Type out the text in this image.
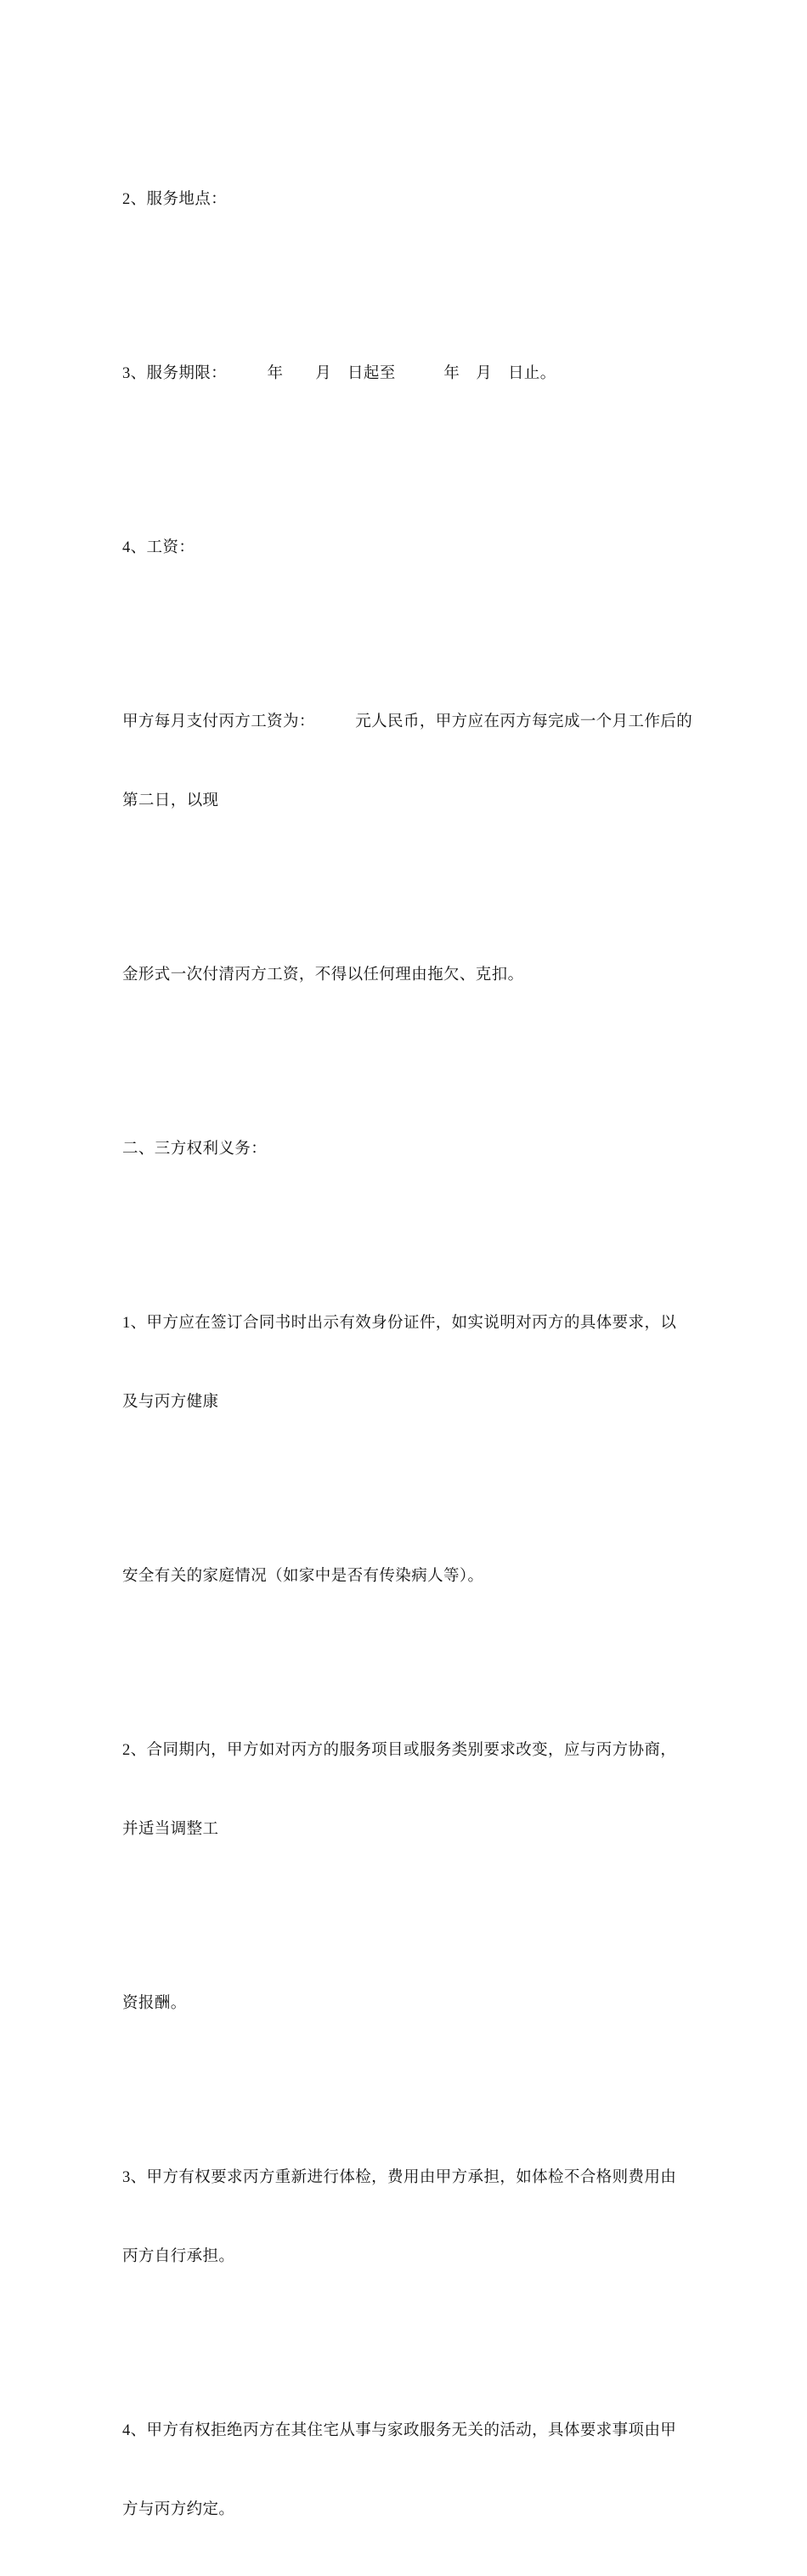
2、服务地点：

3、服务期限：　　　年　　月　日起至　　　年　月　日止。

4、工资：

甲方每月支付丙方工资为：　　　元人民币，甲方应在丙方每完成一个月工作后的

第二日，以现

金形式一次付清丙方工资，不得以任何理由拖欠、克扣。

二、三方权利义务：

1、甲方应在签订合同书时出示有效身份证件，如实说明对丙方的具体要求，以

及与丙方健康

安全有关的家庭情况（如家中是否有传染病人等）。

2、合同期内，甲方如对丙方的服务项目或服务类别要求改变，应与丙方协商，

并适当调整工

资报酬。

3、甲方有权要求丙方重新进行体检，费用由甲方承担，如体检不合格则费用由

丙方自行承担。

4、甲方有权拒绝丙方在其住宅从事与家政服务无关的活动，具体要求事项由甲

方与丙方约定。
